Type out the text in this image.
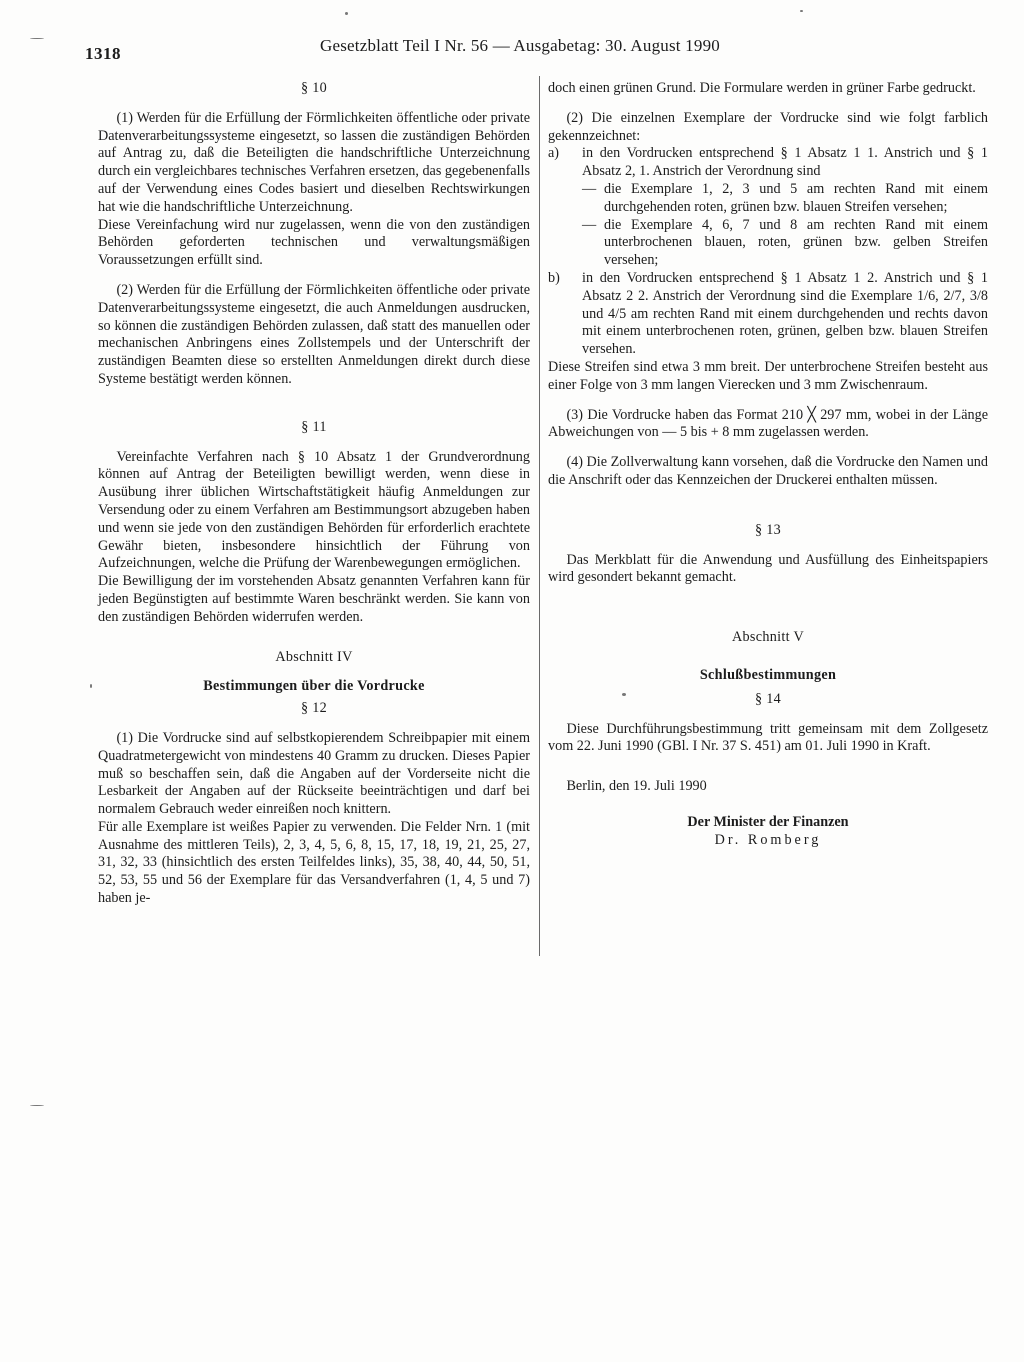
1318	Gesetzblatt Teil I Nr. 56 — Ausgabetag: 30. August 1990

§ 10

(1) Werden für die Erfüllung der Förmlichkeiten öffentliche oder private Datenverarbeitungssysteme eingesetzt, so lassen die zuständigen Behörden auf Antrag zu, daß die Beteiligten die handschriftliche Unterzeichnung durch ein vergleichbares technisches Verfahren ersetzen, das gegebenenfalls auf der Verwendung eines Codes basiert und dieselben Rechtswirkungen hat wie die handschriftliche Unterzeichnung.

Diese Vereinfachung wird nur zugelassen, wenn die von den zuständigen Behörden geforderten technischen und verwaltungsmäßigen Voraussetzungen erfüllt sind.

(2) Werden für die Erfüllung der Förmlichkeiten öffentliche oder private Datenverarbeitungssysteme eingesetzt, die auch Anmeldungen ausdrucken, so können die zuständigen Behörden zulassen, daß statt des manuellen oder mechanischen Anbringens eines Zollstempels und der Unterschrift der zuständigen Beamten diese so erstellten Anmeldungen direkt durch diese Systeme bestätigt werden können.

§ 11

Vereinfachte Verfahren nach § 10 Absatz 1 der Grundverordnung können auf Antrag der Beteiligten bewilligt werden, wenn diese in Ausübung ihrer üblichen Wirtschaftstätigkeit häufig Anmeldungen zur Versendung oder zu einem Verfahren am Bestimmungsort abzugeben haben und wenn sie jede von den zuständigen Behörden für erforderlich erachtete Gewähr bieten, insbesondere hinsichtlich der Führung von Aufzeichnungen, welche die Prüfung der Warenbewegungen ermöglichen.

Die Bewilligung der im vorstehenden Absatz genannten Verfahren kann für jeden Begünstigten auf bestimmte Waren beschränkt werden. Sie kann von den zuständigen Behörden widerrufen werden.

Abschnitt IV

Bestimmungen über die Vordrucke

§ 12

(1) Die Vordrucke sind auf selbstkopierendem Schreibpapier mit einem Quadratmetergewicht von mindestens 40 Gramm zu drucken. Dieses Papier muß so beschaffen sein, daß die Angaben auf der Vorderseite nicht die Lesbarkeit der Angaben auf der Rückseite beeinträchtigen und darf bei normalem Gebrauch weder einreißen noch knittern.

Für alle Exemplare ist weißes Papier zu verwenden. Die Felder Nrn. 1 (mit Ausnahme des mittleren Teils), 2, 3, 4, 5, 6, 8, 15, 17, 18, 19, 21, 25, 27, 31, 32, 33 (hinsichtlich des ersten Teilfeldes links), 35, 38, 40, 44, 50, 51, 52, 53, 55 und 56 der Exemplare für das Versandverfahren (1, 4, 5 und 7) haben je-

doch einen grünen Grund. Die Formulare werden in grüner Farbe gedruckt.

(2) Die einzelnen Exemplare der Vordrucke sind wie folgt farblich gekennzeichnet:

a)	in den Vordrucken entsprechend § 1 Absatz 1 1. Anstrich und § 1 Absatz 2, 1. Anstrich der Verordnung sind
— die Exemplare 1, 2, 3 und 5 am rechten Rand mit einem durchgehenden roten, grünen bzw. blauen Streifen versehen;
— die Exemplare 4, 6, 7 und 8 am rechten Rand mit einem unterbrochenen blauen, roten, grünen bzw. gelben Streifen versehen;
b)	in den Vordrucken entsprechend § 1 Absatz 1 2. Anstrich und § 1 Absatz 2 2. Anstrich der Verordnung sind die Exemplare 1/6, 2/7, 3/8 und 4/5 am rechten Rand mit einem durchgehenden und rechts davon mit einem unterbrochenen roten, grünen, gelben bzw. blauen Streifen versehen.

Diese Streifen sind etwa 3 mm breit. Der unterbrochene Streifen besteht aus einer Folge von 3 mm langen Vierecken und 3 mm Zwischenraum.

(3) Die Vordrucke haben das Format 210 ╳ 297 mm, wobei in der Länge Abweichungen von — 5 bis + 8 mm zugelassen werden.

(4) Die Zollverwaltung kann vorsehen, daß die Vordrucke den Namen und die Anschrift oder das Kennzeichen der Druckerei enthalten müssen.

§ 13

Das Merkblatt für die Anwendung und Ausfüllung des Einheitspapiers wird gesondert bekannt gemacht.

Abschnitt V

Schlußbestimmungen

§ 14

Diese Durchführungsbestimmung tritt gemeinsam mit dem Zollgesetz vom 22. Juni 1990 (GBl. I Nr. 37 S. 451) am 01. Juli 1990 in Kraft.

Berlin, den 19. Juli 1990

Der Minister der Finanzen

Dr. Romberg
